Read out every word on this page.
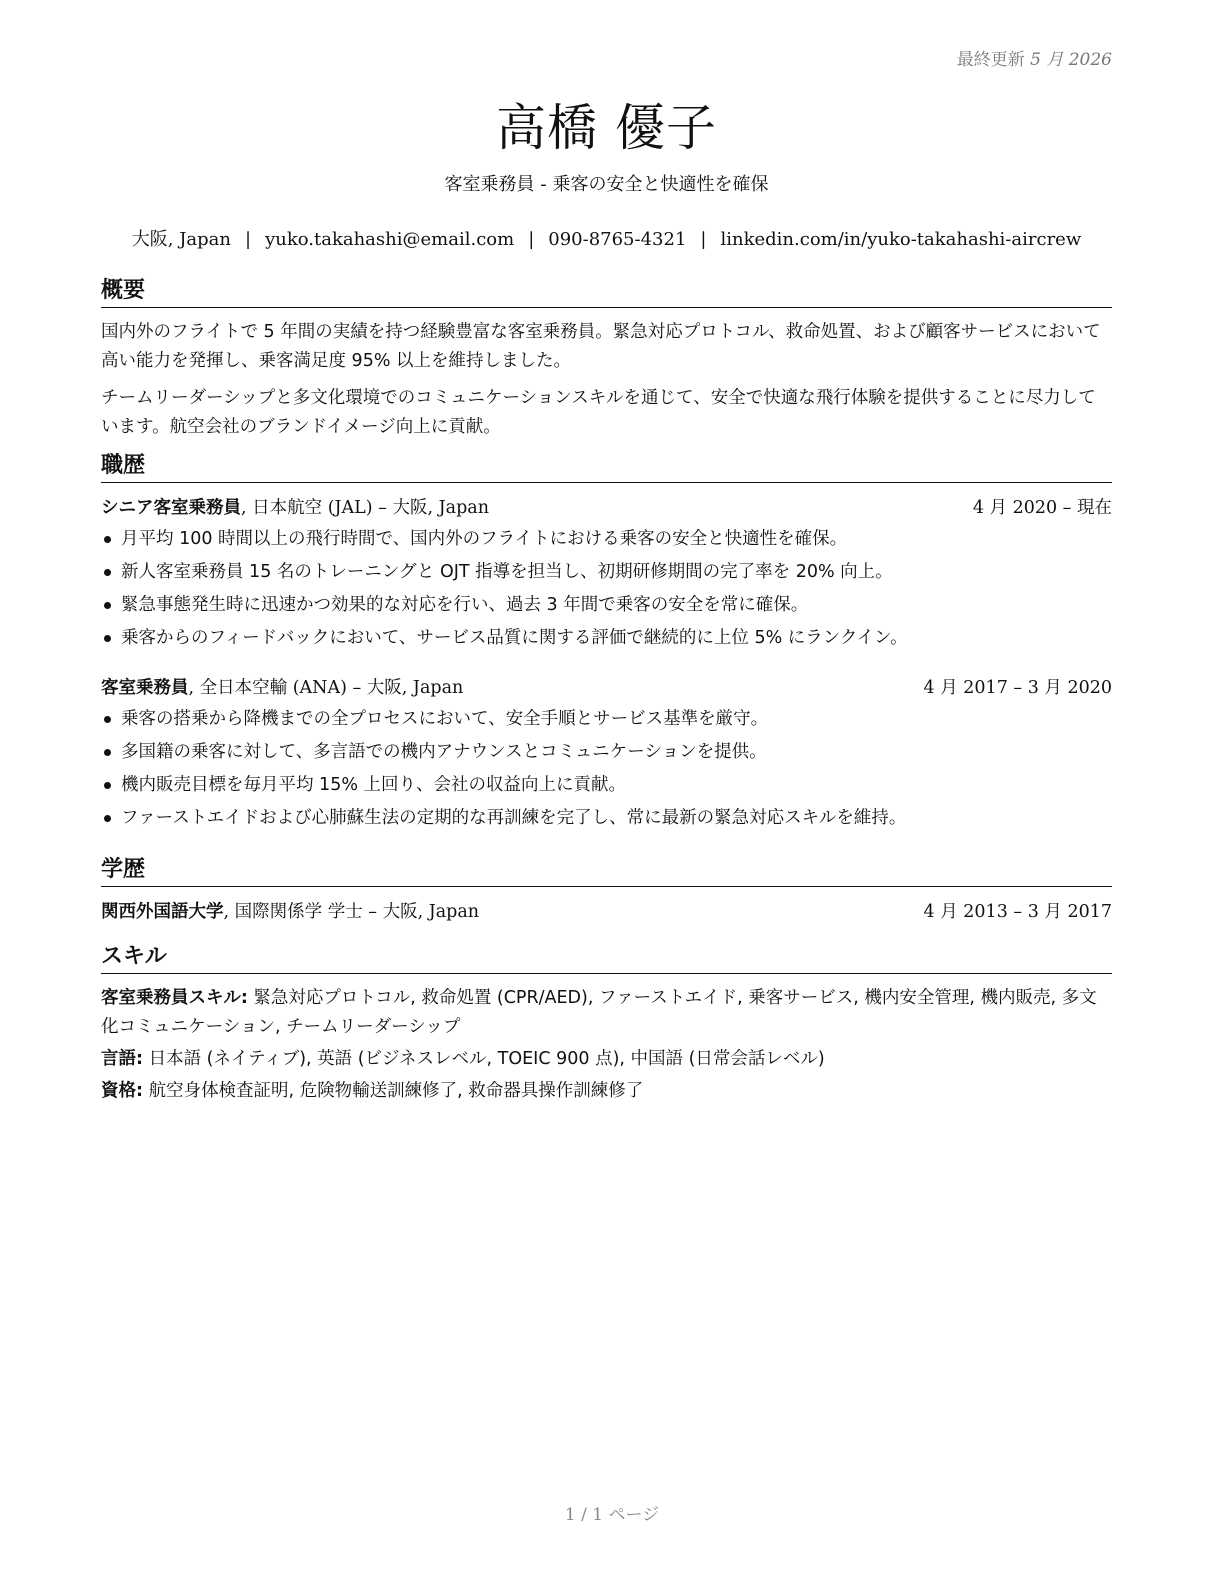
最終更新 5 月 2026
高橋 優子
客室乗務員 - 乗客の安全と快適性を確保
大阪, Japan | yuko.takahashi@email.com | 090-8765-4321 | linkedin.com/in/yuko-takahashi-aircrew
概要

国内外のフライトで 5 年間の実績を持つ経験豊富な客室乗務員。緊急対応プロトコル、救命処置、および顧客サービスにおいて高い能力を発揮し、乗客満足度 95% 以上を維持しました。

チームリーダーシップと多文化環境でのコミュニケーションスキルを通じて、安全で快適な飛行体験を提供することに尽力しています。航空会社のブランドイメージ向上に貢献。

職歴
シニア客室乗務員, 日本航空 (JAL) – 大阪, Japan	4 月 2020 – 現在
月平均 100 時間以上の飛行時間で、国内外のフライトにおける乗客の安全と快適性を確保。
新人客室乗務員 15 名のトレーニングと OJT 指導を担当し、初期研修期間の完了率を 20% 向上。
緊急事態発生時に迅速かつ効果的な対応を行い、過去 3 年間で乗客の安全を常に確保。
乗客からのフィードバックにおいて、サービス品質に関する評価で継続的に上位 5% にランクイン。
客室乗務員, 全日本空輸 (ANA) – 大阪, Japan	4 月 2017 – 3 月 2020
乗客の搭乗から降機までの全プロセスにおいて、安全手順とサービス基準を厳守。
多国籍の乗客に対して、多言語での機内アナウンスとコミュニケーションを提供。
機内販売目標を毎月平均 15% 上回り、会社の収益向上に貢献。
ファーストエイドおよび心肺蘇生法の定期的な再訓練を完了し、常に最新の緊急対応スキルを維持。
学歴
関西外国語大学, 国際関係学 学士 – 大阪, Japan	4 月 2013 – 3 月 2017
スキル
客室乗務員スキル: 緊急対応プロトコル, 救命処置 (CPR/AED), ファーストエイド, 乗客サービス, 機内安全管理, 機内販売, 多文化コミュニケーション, チームリーダーシップ
言語: 日本語 (ネイティブ), 英語 (ビジネスレベル, TOEIC 900 点), 中国語 (日常会話レベル)
資格: 航空身体検査証明, 危険物輸送訓練修了, 救命器具操作訓練修了
1 / 1 ページ
